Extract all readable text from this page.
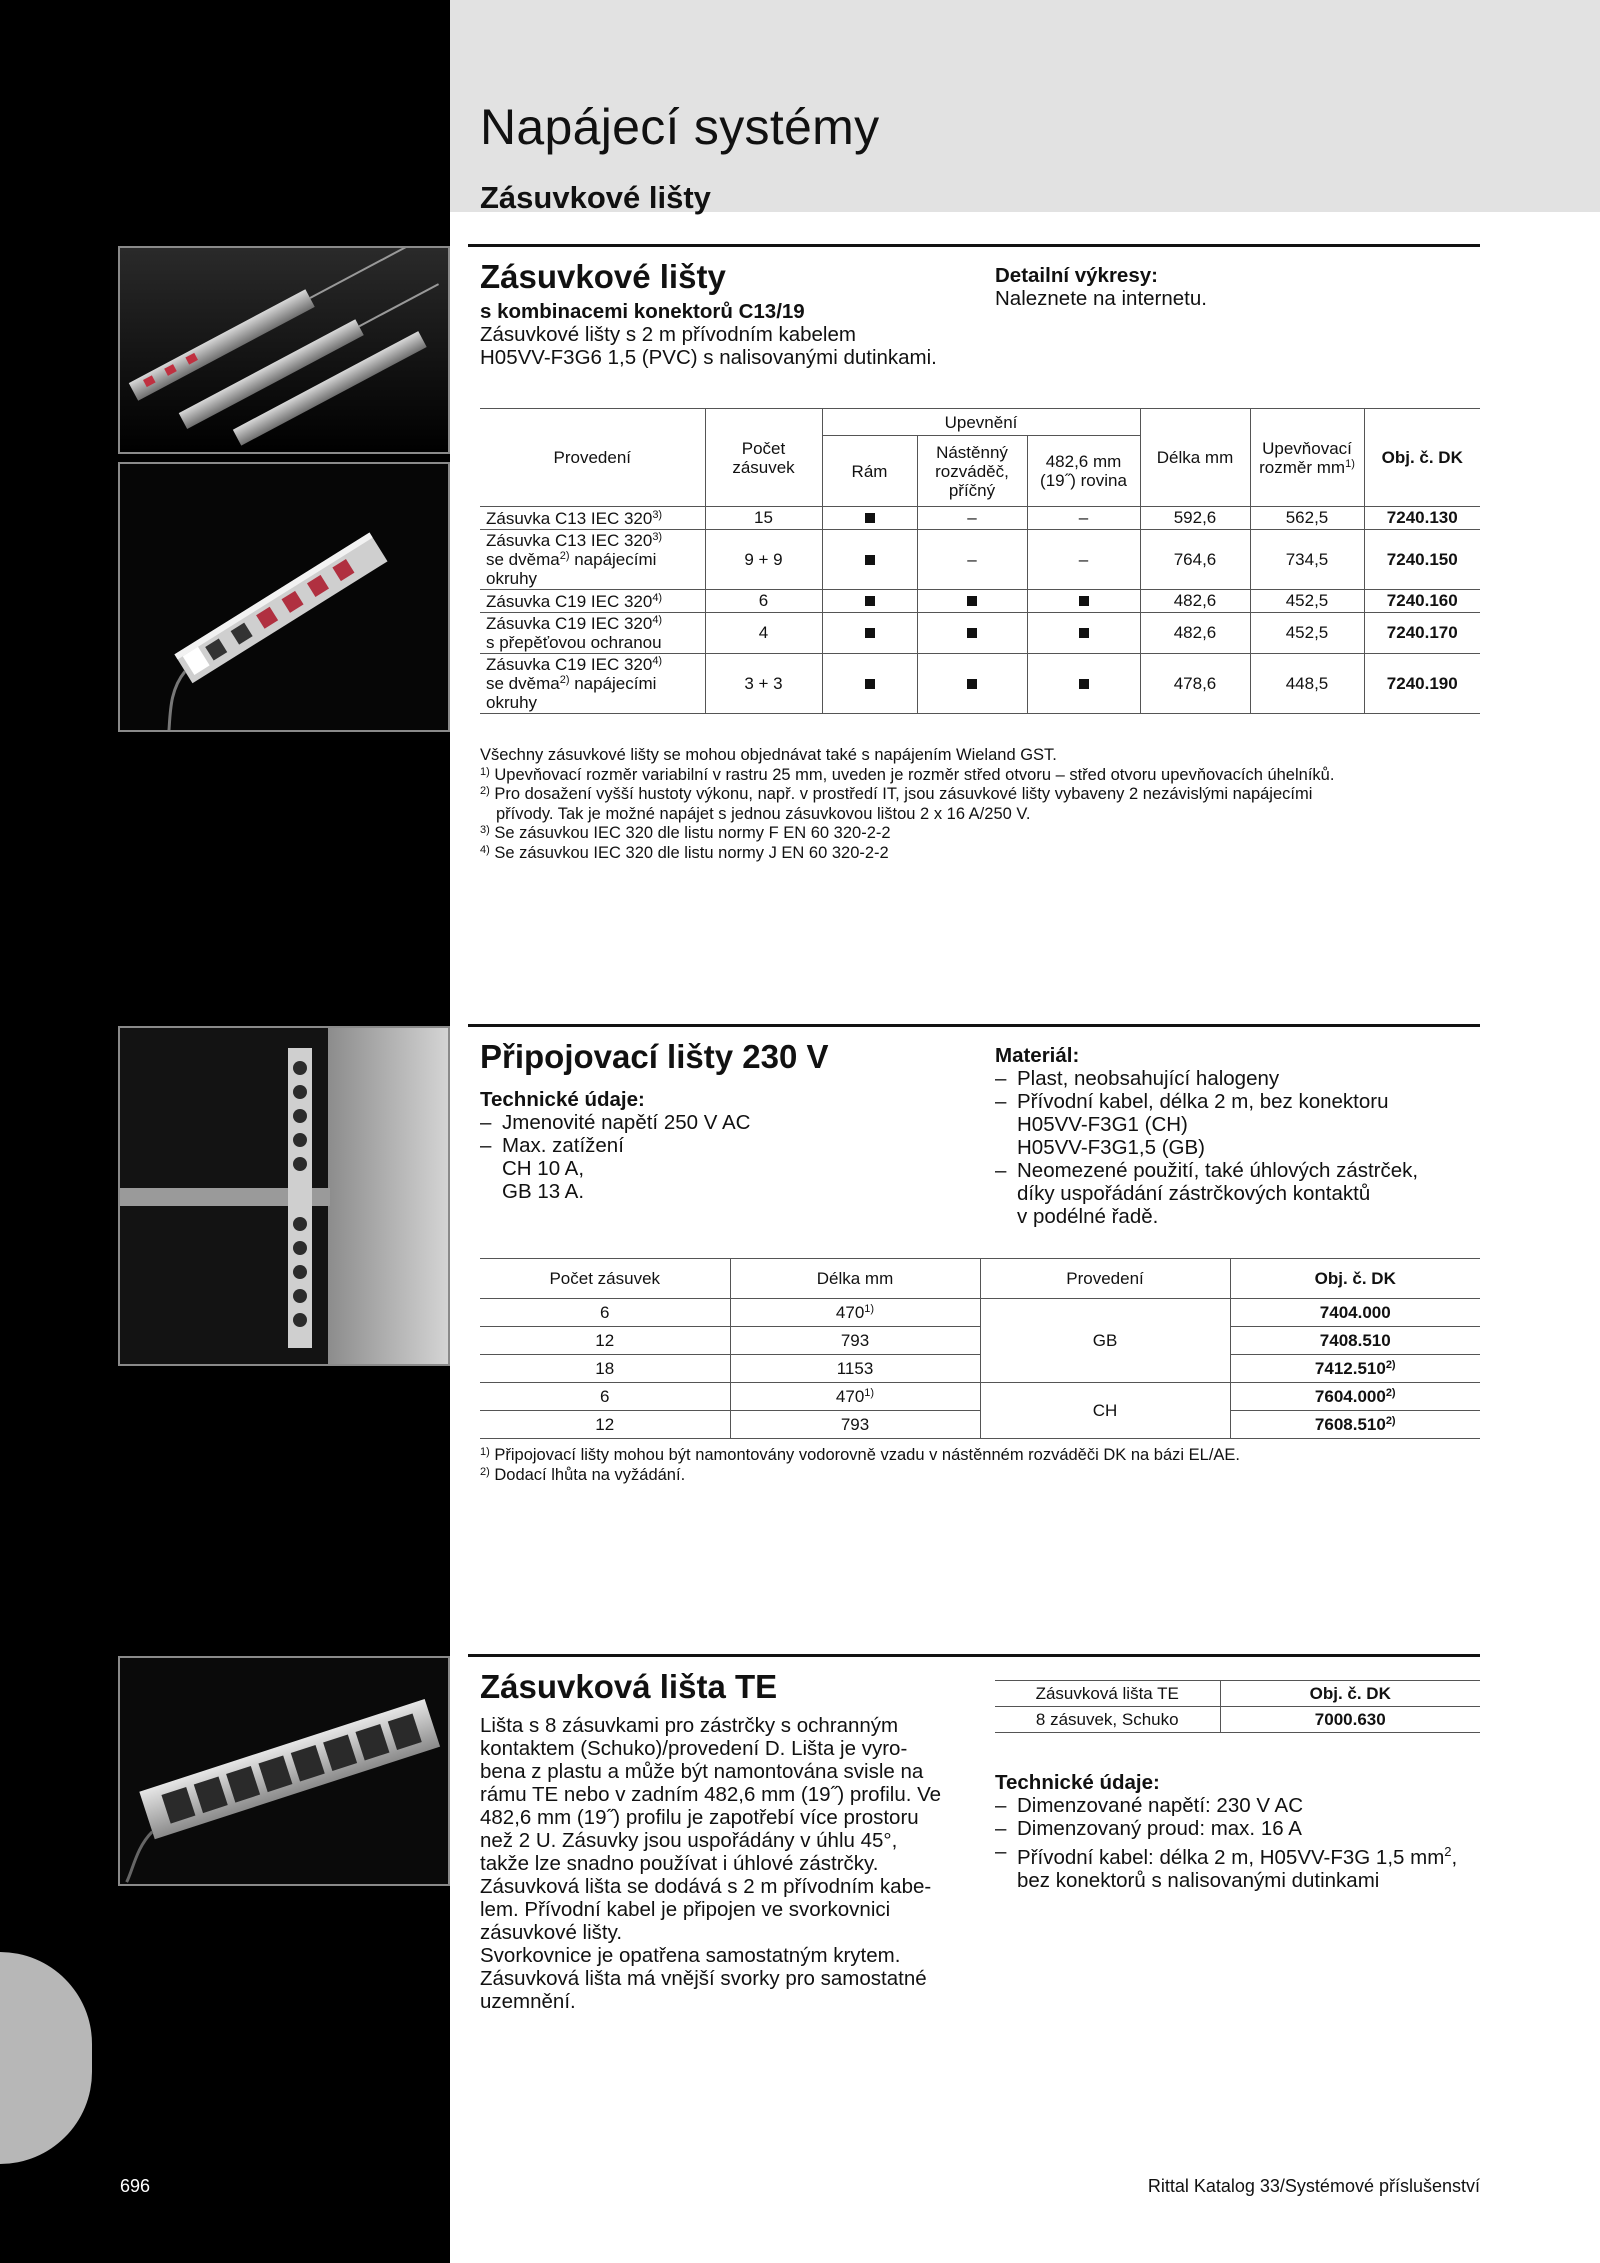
Napájecí systémy
Zásuvkové lišty
Zásuvkové lišty
s kombinacemi konektorů C13/19
Zásuvkové lišty s 2 m přívodním kabelem
H05VV-F3G6 1,5 (PVC) s nalisovanými dutinkami.
Detailní výkresy:
Naleznete na internetu.
Provedení	Počet zásuvek	Upevnění			Délka mm	Upevňovací rozměr $mm^{1)}$	Obj. č. DK
		Rám	Nástěnný rozváděč, příčný	482,6 mm (19˝) rovina			
Zásuvka C13 IEC 320$^{3)}$	15		–	–	592,6	562,5	7240.130
Zásuvka C13 IEC 320$^{3)}$
se dvěma$^{2)}$ napájecími
okruhy	9 + 9		–	–	764,6	734,5	7240.150
Zásuvka C19 IEC 320$^{4)}$	6				482,6	452,5	7240.160
Zásuvka C19 IEC 320$^{4)}$
s přepěťovou ochranou	4				482,6	452,5	7240.170
Zásuvka C19 IEC 320$^{4)}$
se dvěma$^{2)}$ napájecími
okruhy	3 + 3				478,6	448,5	7240.190
Všechny zásuvkové lišty se mohou objednávat také s napájením Wieland GST.
$^{1)}$ Upevňovací rozměr variabilní v rastru 25 mm, uveden je rozměr střed otvoru – střed otvoru upevňovacích úhelníků.
$^{2)}$ Pro dosažení vyšší hustoty výkonu, např. v prostředí IT, jsou zásuvkové lišty vybaveny 2 nezávislými napájecími
přívody. Tak je možné napájet s jednou zásuvkovou lištou 2 x 16 A/250 V.
$^{3)}$ Se zásuvkou IEC 320 dle listu normy F EN 60 320-2-2
$^{4)}$ Se zásuvkou IEC 320 dle listu normy J EN 60 320-2-2
Připojovací lišty 230 V
Technické údaje:
– Jmenovité napětí 250 V AC
– Max. zatížení
CH 10 A,
GB 13 A.
Materiál:
– Plast, neobsahující halogeny
– Přívodní kabel, délka 2 m, bez konektoru
H05VV-F3G1 (CH)
H05VV-F3G1,5 (GB)
– Neomezené použití, také úhlových zástrček,
díky uspořádání zástrčkových kontaktů
v podélné řadě.
Počet zásuvek	Délka mm	Provedení	Obj. č. DK
6	470$^{1)}$	GB	7404.000
12	793		7408.510
18	1153		7412.510$^{2)}$
6	470$^{1)}$	CH	7604.000$^{2)}$
12	793		7608.510$^{2)}$
$^{1)}$ Připojovací lišty mohou být namontovány vodorovně vzadu v nástěnném rozváděči DK na bázi EL/AE.
$^{2)}$ Dodací lhůta na vyžádání.
Zásuvková lišta TE
Lišta s 8 zásuvkami pro zástrčky s ochranným
kontaktem (Schuko)/provedení D. Lišta je vyro-
bena z plastu a může být namontována svisle na
rámu TE nebo v zadním 482,6 mm (19˝) profilu. Ve
482,6 mm (19˝) profilu je zapotřebí více prostoru
než 2 U. Zásuvky jsou uspořádány v úhlu 45°,
takže lze snadno používat i úhlové zástrčky.
Zásuvková lišta se dodává s 2 m přívodním kabe-
lem. Přívodní kabel je připojen ve svorkovnici
zásuvkové lišty.
Svorkovnice je opatřena samostatným krytem.
Zásuvková lišta má vnější svorky pro samostatné
uzemnění.
Zásuvková lišta TE	Obj. č. DK
8 zásuvek, Schuko	7000.630
Technické údaje:
– Dimenzované napětí: 230 V AC
– Dimenzovaný proud: max. 16 A
– Přívodní kabel: délka 2 m, H05VV-F3G 1,5 $mm^2$,
bez konektorů s nalisovanými dutinkami
696	Rittal Katalog 33/Systémové příslušenství
